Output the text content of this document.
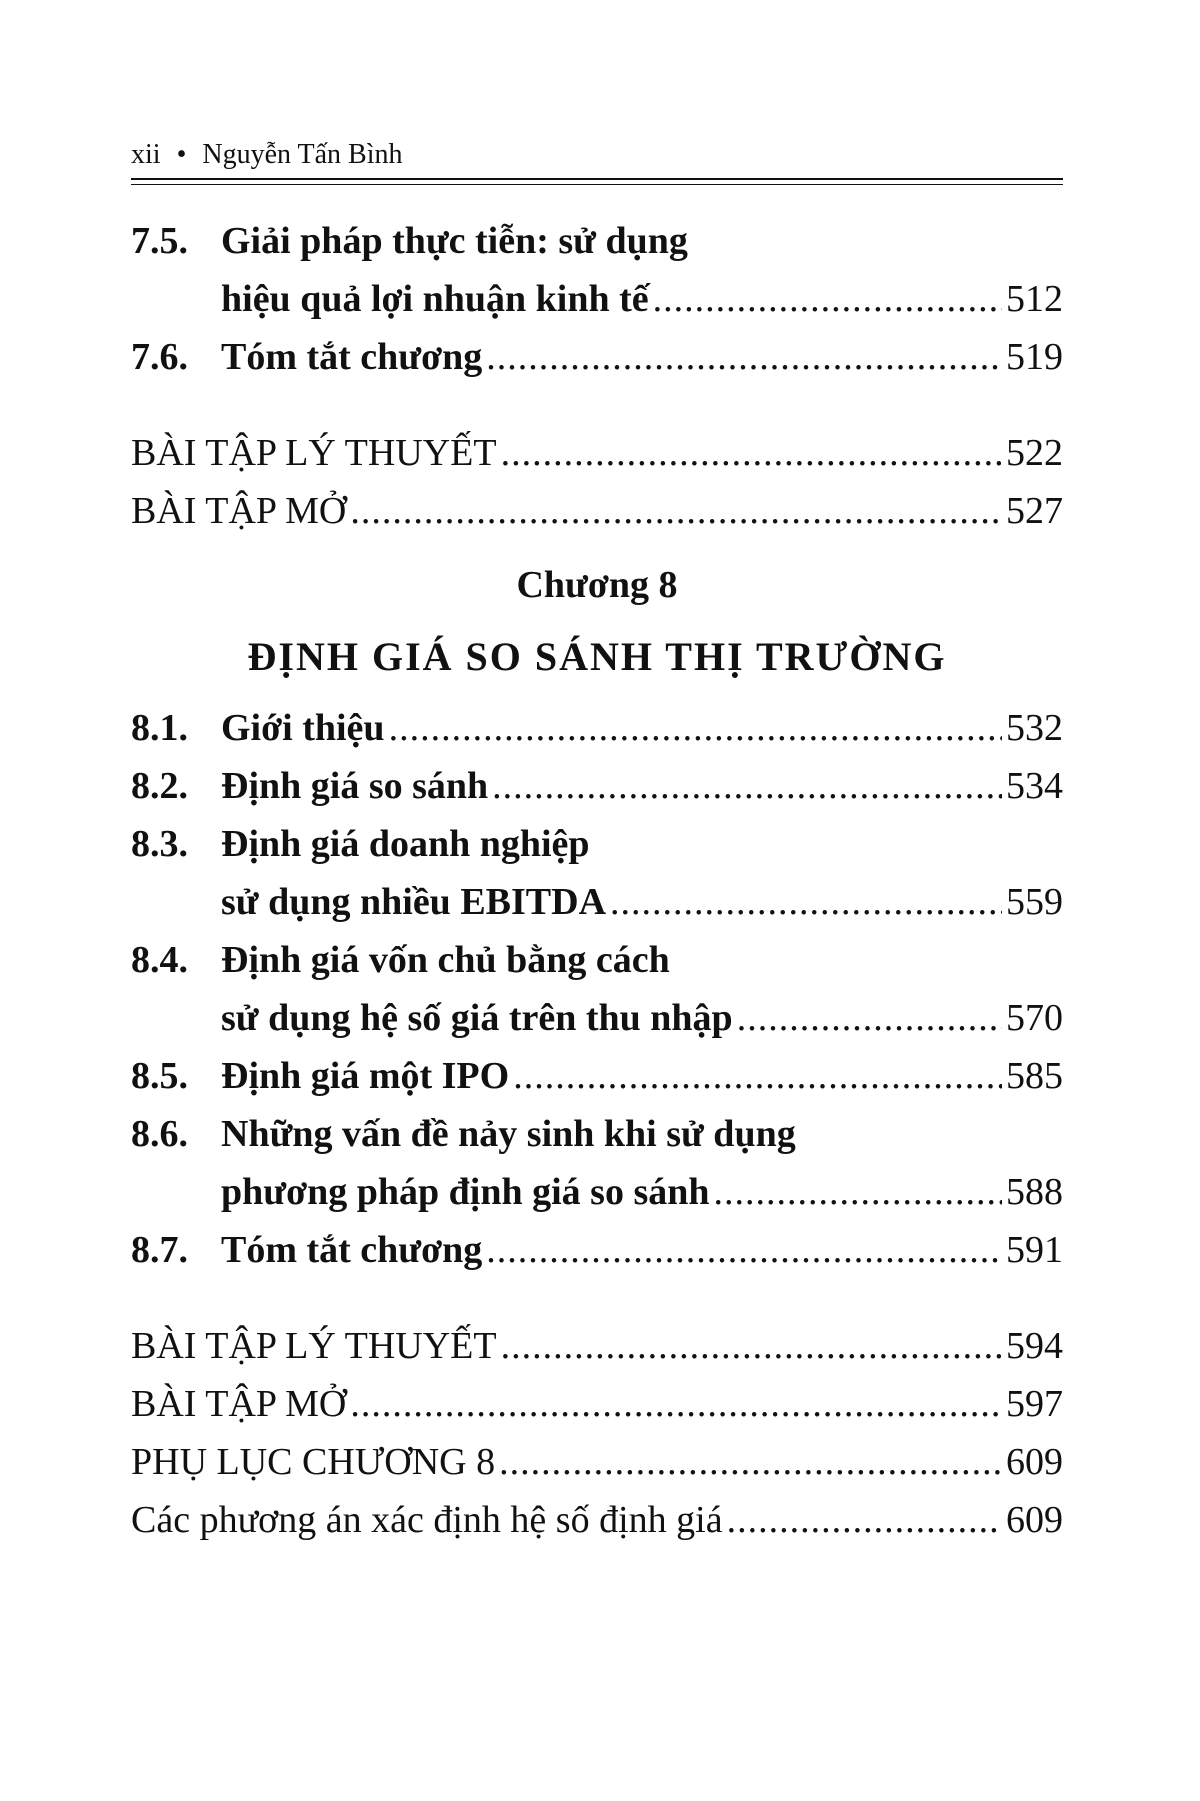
xii • Nguyễn Tấn Bình
7.5. Giải pháp thực tiễn: sử dụng
hiệu quả lợi nhuận kinh tế .....	512
7.6. Tóm tắt chương .....	519
BÀI TẬP LÝ THUYẾT .....	522
BÀI TẬP MỞ .....	527
Chương 8
ĐỊNH GIÁ SO SÁNH THỊ TRƯỜNG
8.1. Giới thiệu .....	532
8.2. Định giá so sánh .....	534
8.3. Định giá doanh nghiệp
sử dụng nhiều EBITDA .....	559
8.4. Định giá vốn chủ bằng cách
sử dụng hệ số giá trên thu nhập .....	570
8.5. Định giá một IPO .....	585
8.6. Những vấn đề nảy sinh khi sử dụng
phương pháp định giá so sánh .....	588
8.7. Tóm tắt chương .....	591
BÀI TẬP LÝ THUYẾT .....	594
BÀI TẬP MỞ .....	597
PHỤ LỤC CHƯƠNG 8 .....	609
Các phương án xác định hệ số định giá .....	609
